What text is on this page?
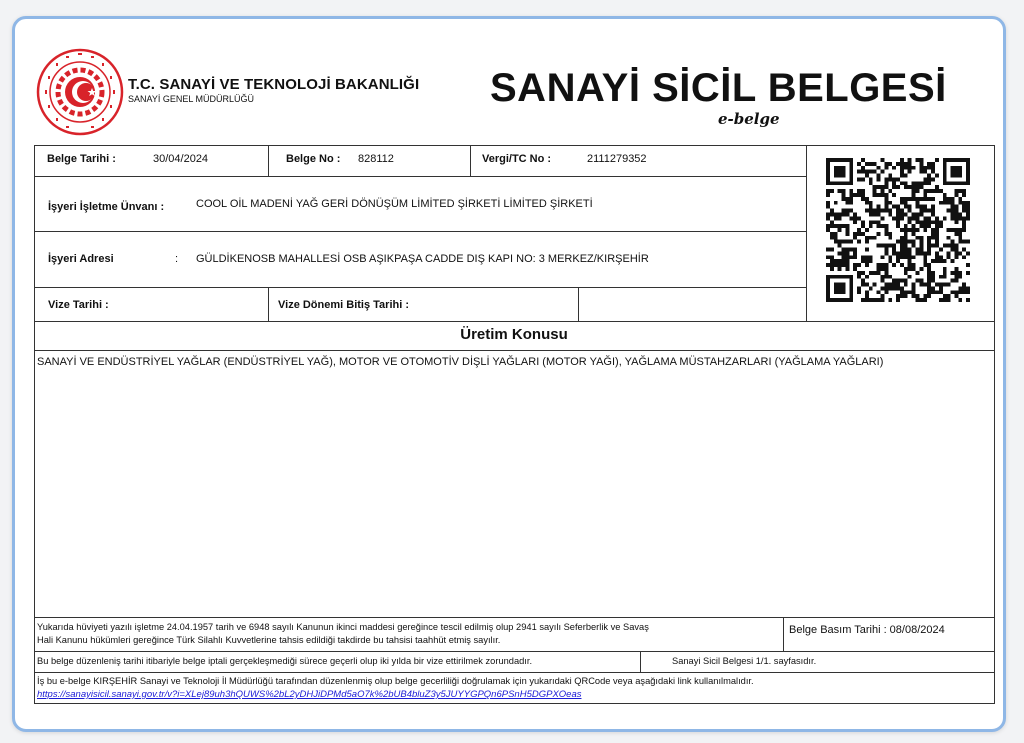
T.C. SANAYİ VE TEKNOLOJİ BAKANLIĞI
SANAYİ GENEL MÜDÜRLÜĞÜ	SANAYİ SİCİL BELGESİ
e-belge
Belge Tarihi :	30/04/2024	Belge No : 828112	Vergi/TC No :	2111279352
İşyeri İşletme Ünvanı :	COOL OİL MADENİ YAĞ GERİ DÖNÜŞÜM LİMİTED ŞİRKETİ LİMİTED ŞİRKETİ
İşyeri Adresi	: GÜLDİKENOSB MAHALLESİ OSB AŞIKPAŞA CADDE DIŞ KAPI NO: 3 MERKEZ/KIRŞEHİR
Vize Tarihi :	Vize Dönemi Bitiş Tarihi :
Üretim Konusu
SANAYİ VE ENDÜSTRİYEL YAĞLAR (ENDÜSTRİYEL YAĞ), MOTOR VE OTOMOTİV DİŞLİ YAĞLARI (MOTOR YAĞI), YAĞLAMA MÜSTAHZARLARI (YAĞLAMA YAĞLARI)
Yukarıda hüviyeti yazılı işletme 24.04.1957 tarih ve 6948 sayılı Kanunun ikinci maddesi gereğince tescil edilmiş olup 2941 sayılı Seferberlik ve Savaş
Hali Kanunu hükümleri gereğince Türk Silahlı Kuvvetlerine tahsis edildiği takdirde bu tahsisi taahhüt etmiş sayılır.
Belge Basım Tarihi : 08/08/2024
Bu belge düzenleniş tarihi itibariyle belge iptali gerçekleşmediği sürece geçerli olup iki yılda bir vize ettirilmek zorundadır.	Sanayi Sicil Belgesi 1/1. sayfasıdır.
İş bu e-belge KIRŞEHİR Sanayi ve Teknoloji İl Müdürlüğü tarafından düzenlenmiş olup belge gecerliliği doğrulamak için yukarıdaki QRCode veya aşağıdaki link kullanılmalıdır.
https://sanayisicil.sanayi.gov.tr/v?i=XLej89uh3hQUWS%2bL2yDHJiDPMd5aO7k%2bUB4bluZ3y5JUYYGPQn6PSnH5DGPXOeas
